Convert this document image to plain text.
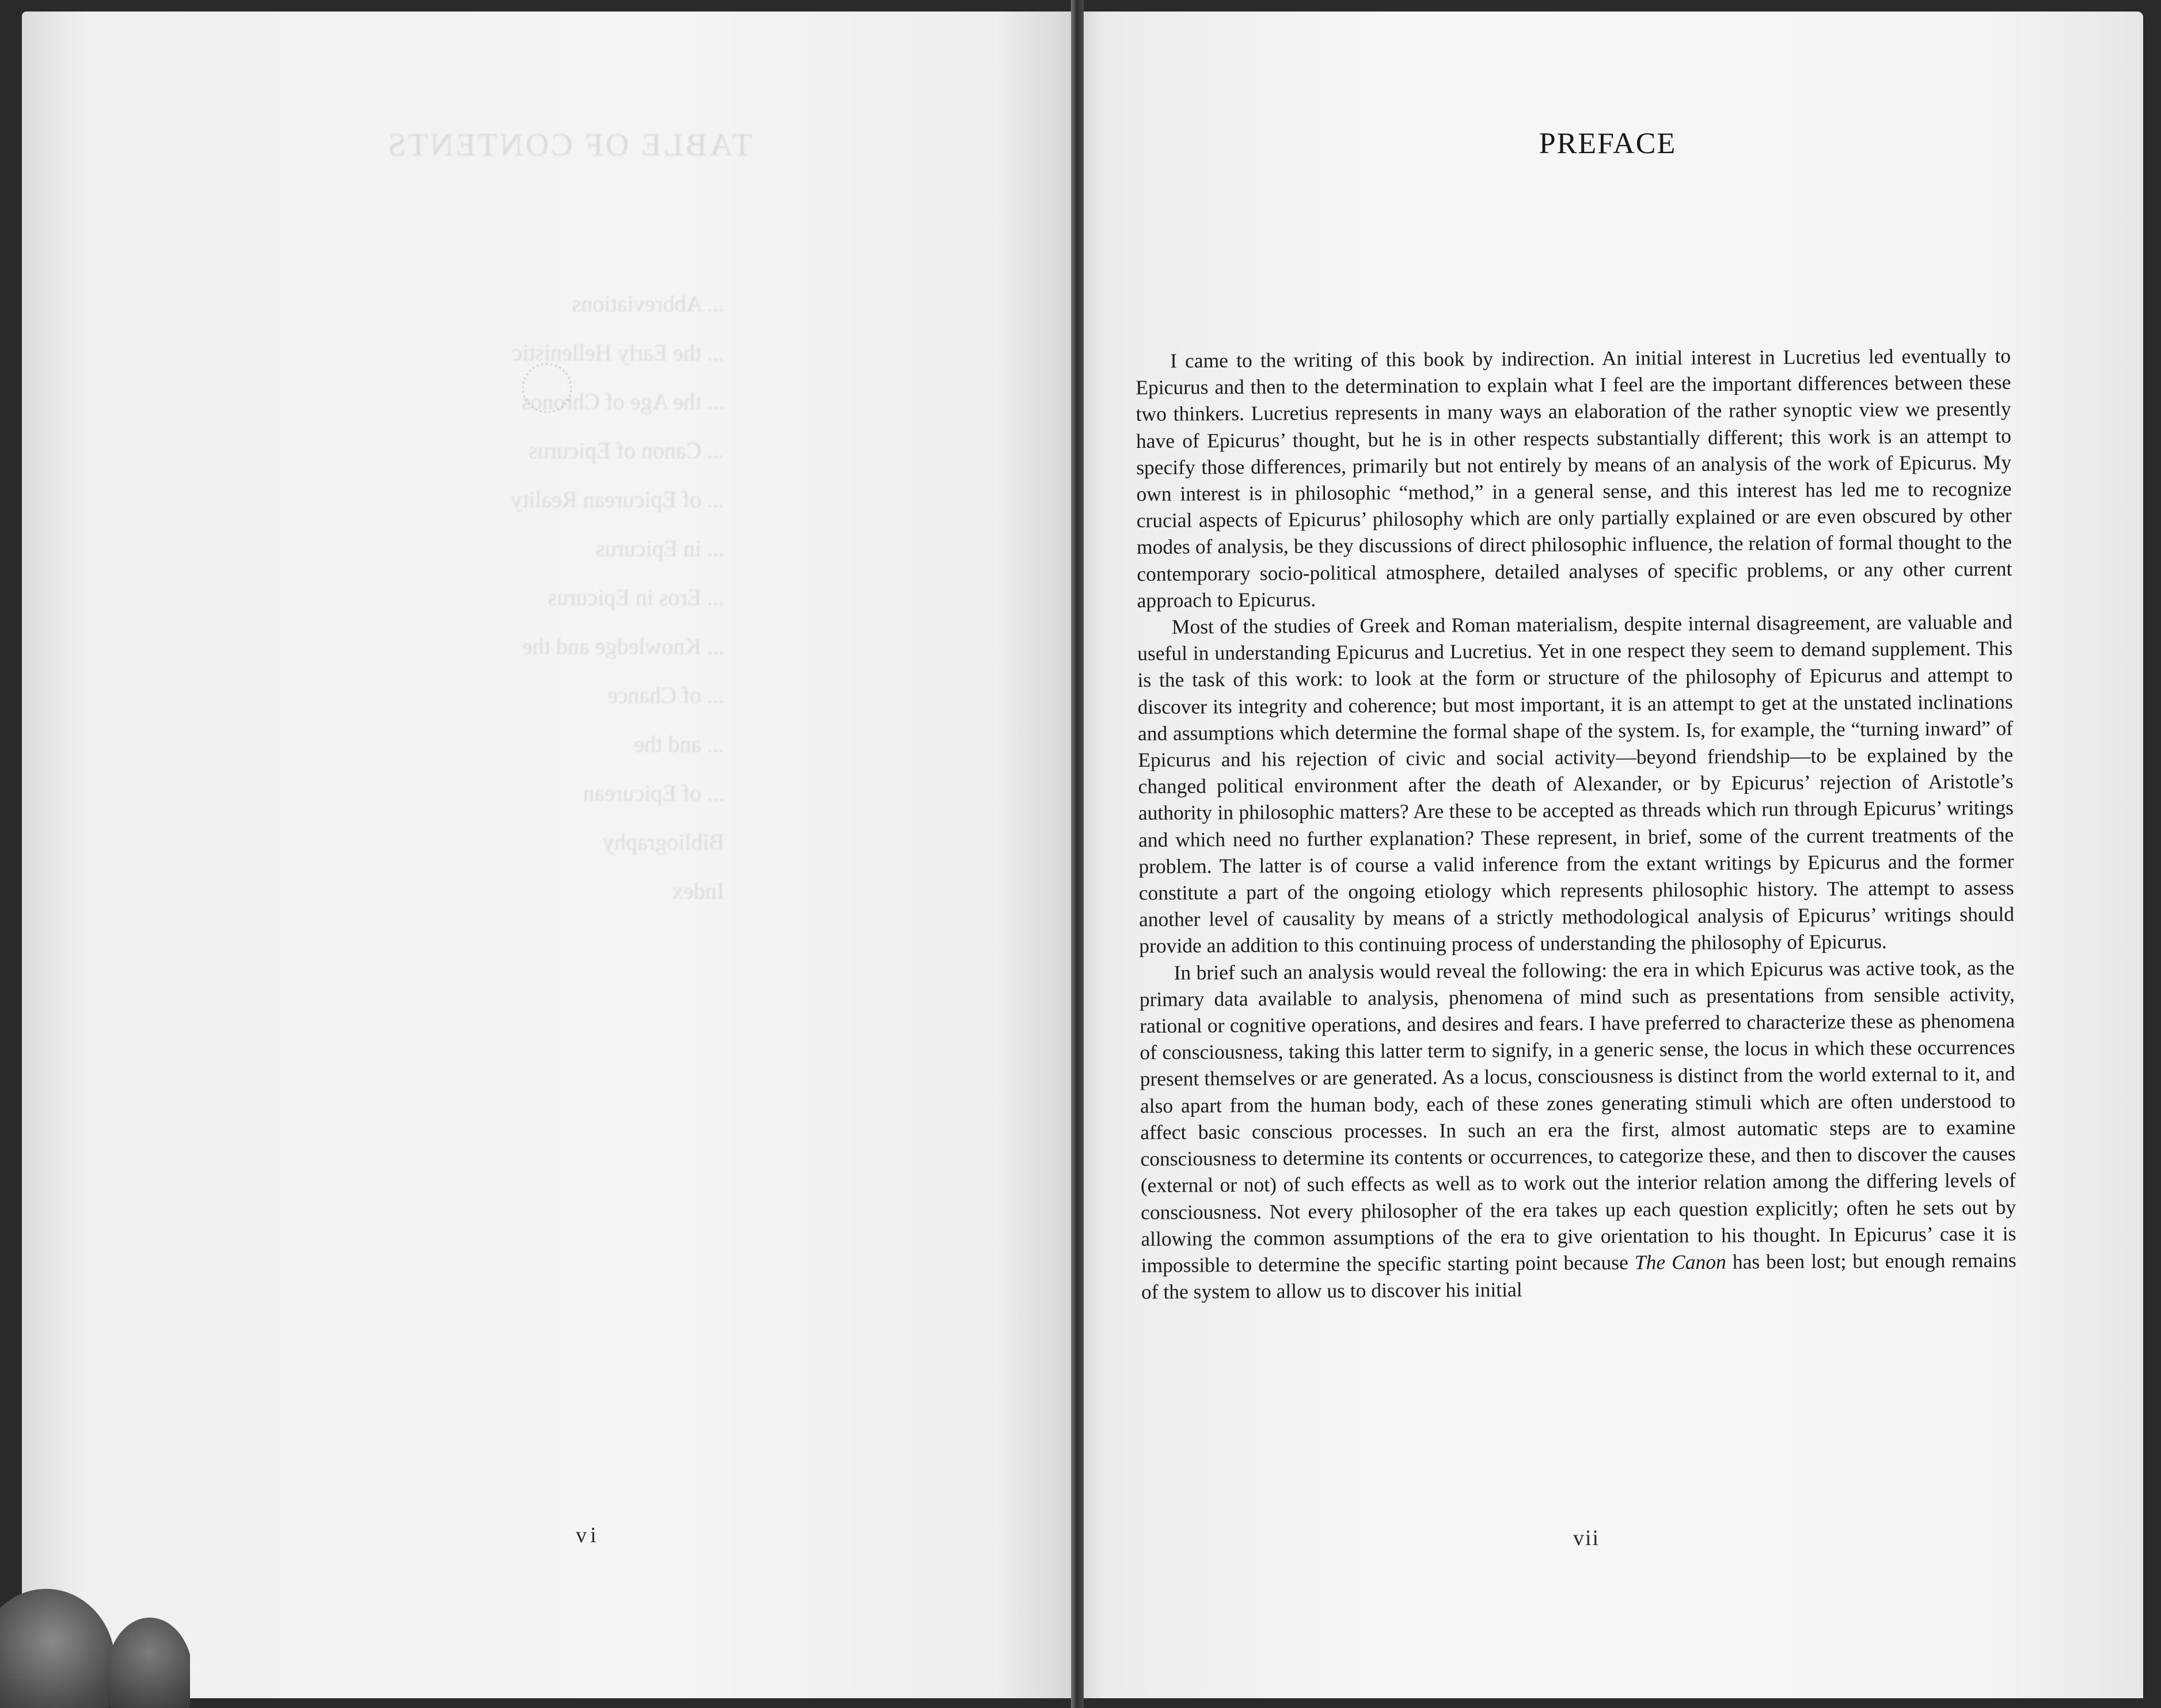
TABLE OF CONTENTS
... Abbreviations
... the Early Hellenistic
... the Age of Chronos
... Canon of Epicurus
... of Epicurean Reality
... in Epicurus
... Eros in Epicurus
... Knowledge and the
... of Chance
... and the
... of Epicurean
Bibliography
Index
vi
PREFACE

I came to the writing of this book by indirection. An initial interest in Lucretius led eventually to Epicurus and then to the determination to explain what I feel are the important differences between these two thinkers. Lucretius represents in many ways an elaboration of the rather synoptic view we presently have of Epicurus’ thought, but he is in other respects substantially different; this work is an attempt to specify those differences, primarily but not entirely by means of an analysis of the work of Epicurus. My own interest is in philosophic “method,” in a general sense, and this interest has led me to recognize crucial aspects of Epicurus’ philosophy which are only partially explained or are even obscured by other modes of analysis, be they discussions of direct philosophic influence, the relation of formal thought to the contemporary socio-political atmosphere, detailed analyses of specific problems, or any other current approach to Epicurus.

Most of the studies of Greek and Roman materialism, despite internal disagreement, are valuable and useful in understanding Epicurus and Lucretius. Yet in one respect they seem to demand supplement. This is the task of this work: to look at the form or structure of the philosophy of Epicurus and attempt to discover its integrity and coherence; but most important, it is an attempt to get at the unstated inclinations and assumptions which determine the formal shape of the system. Is, for example, the “turning inward” of Epicurus and his rejection of civic and social activity—beyond friendship—to be explained by the changed political environment after the death of Alexander, or by Epicurus’ rejection of Aristotle’s authority in philosophic matters? Are these to be accepted as threads which run through Epicurus’ writings and which need no further explanation? These represent, in brief, some of the current treatments of the problem. The latter is of course a valid inference from the extant writings by Epicurus and the former constitute a part of the ongoing etiology which represents philosophic history. The attempt to assess another level of causality by means of a strictly methodological analysis of Epicurus’ writings should provide an addition to this continuing process of understanding the philosophy of Epicurus.

In brief such an analysis would reveal the following: the era in which Epicurus was active took, as the primary data available to analysis, phenomena of mind such as presentations from sensible activity, rational or cognitive operations, and desires and fears. I have preferred to characterize these as phenomena of consciousness, taking this latter term to signify, in a generic sense, the locus in which these occurrences present themselves or are generated. As a locus, consciousness is distinct from the world external to it, and also apart from the human body, each of these zones generating stimuli which are often understood to affect basic conscious processes. In such an era the first, almost automatic steps are to examine consciousness to determine its contents or occurrences, to categorize these, and then to discover the causes (external or not) of such effects as well as to work out the interior relation among the differing levels of consciousness. Not every philosopher of the era takes up each question explicitly; often he sets out by allowing the common assumptions of the era to give orientation to his thought. In Epicurus’ case it is impossible to determine the specific starting point because The Canon has been lost; but enough remains of the system to allow us to discover his initial

vii
